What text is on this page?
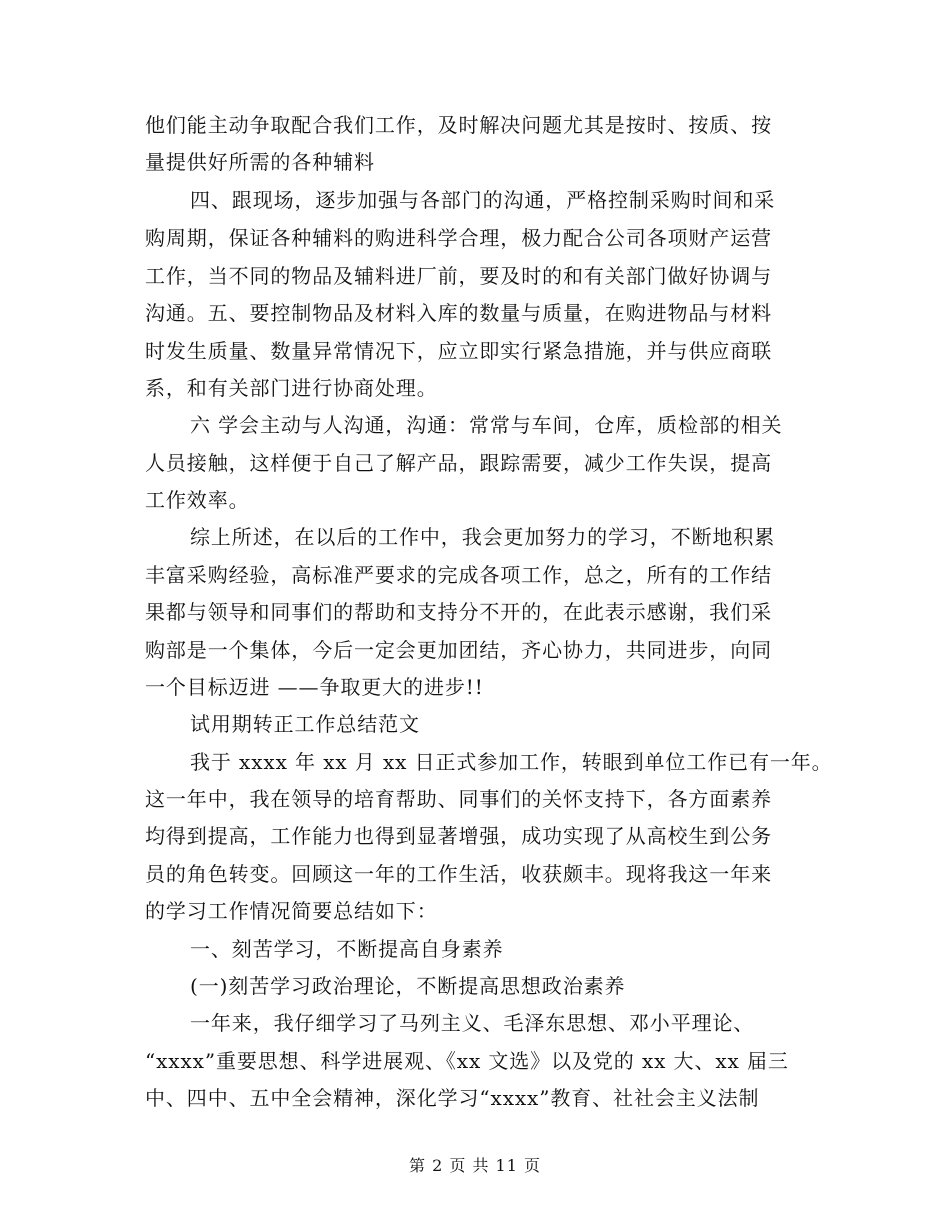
他们能主动争取配合我们工作，及时解决问题尤其是按时、按质、按
量提供好所需的各种辅料
四、跟现场，逐步加强与各部门的沟通，严格控制采购时间和采
购周期，保证各种辅料的购进科学合理，极力配合公司各项财产运营
工作，当不同的物品及辅料进厂前，要及时的和有关部门做好协调与
沟通。五、要控制物品及材料入库的数量与质量，在购进物品与材料
时发生质量、数量异常情况下，应立即实行紧急措施，并与供应商联
系，和有关部门进行协商处理。
六 学会主动与人沟通，沟通：常常与车间，仓库，质检部的相关
人员接触，这样便于自己了解产品，跟踪需要，减少工作失误，提高
工作效率。
综上所述，在以后的工作中，我会更加努力的学习，不断地积累
丰富采购经验，高标准严要求的完成各项工作，总之，所有的工作结
果都与领导和同事们的帮助和支持分不开的，在此表示感谢，我们采
购部是一个集体，今后一定会更加团结，齐心协力，共同进步，向同
一个目标迈进 ——争取更大的进步!!
试用期转正工作总结范文
我于 xxxx 年 xx 月 xx 日正式参加工作，转眼到单位工作已有一年。
这一年中，我在领导的培育帮助、同事们的关怀支持下，各方面素养
均得到提高，工作能力也得到显著增强，成功实现了从高校生到公务
员的角色转变。回顾这一年的工作生活，收获颇丰。现将我这一年来
的学习工作情况简要总结如下：
一、刻苦学习，不断提高自身素养
(一)刻苦学习政治理论，不断提高思想政治素养
一年来，我仔细学习了马列主义、毛泽东思想、邓小平理论、
“xxxx”重要思想、科学进展观、《xx 文选》以及党的 xx 大、xx 届三
中、四中、五中全会精神，深化学习“xxxx”教育、社社会主义法制
第 2 页 共 11 页
